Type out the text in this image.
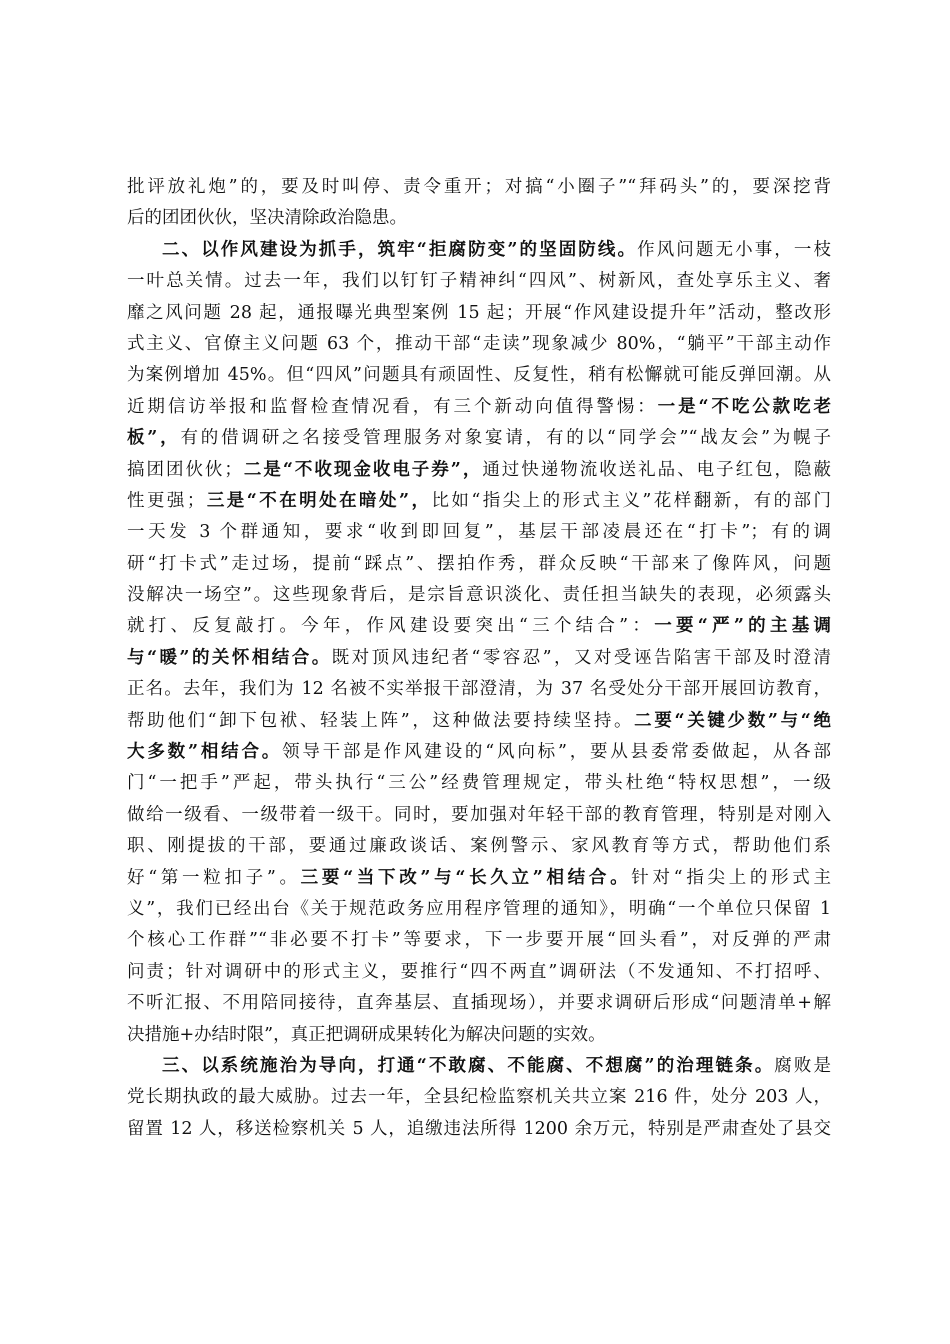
批评放礼炮”的，要及时叫停、责令重开；对搞“小圈子”“拜码头”的，要深挖背
后的团团伙伙，坚决清除政治隐患。
二、以作风建设为抓手，筑牢“拒腐防变”的坚固防线。作风问题无小事，一枝
一叶总关情。过去一年，我们以钉钉子精神纠“四风”、树新风，查处享乐主义、奢
靡之风问题 28 起，通报曝光典型案例 15 起；开展“作风建设提升年”活动，整改形
式主义、官僚主义问题 63 个，推动干部“走读”现象减少 80%，“躺平”干部主动作
为案例增加 45%。但“四风”问题具有顽固性、反复性，稍有松懈就可能反弹回潮。从
近期信访举报和监督检查情况看，有三个新动向值得警惕：一是“不吃公款吃老
板”，有的借调研之名接受管理服务对象宴请，有的以“同学会”“战友会”为幌子
搞团团伙伙；二是“不收现金收电子券”，通过快递物流收送礼品、电子红包，隐蔽
性更强；三是“不在明处在暗处”，比如“指尖上的形式主义”花样翻新，有的部门
一天发 3 个群通知，要求“收到即回复”，基层干部凌晨还在“打卡”；有的调
研“打卡式”走过场，提前“踩点”、摆拍作秀，群众反映“干部来了像阵风，问题
没解决一场空”。这些现象背后，是宗旨意识淡化、责任担当缺失的表现，必须露头
就打、反复敲打。今年，作风建设要突出“三个结合”：一要“严”的主基调
与“暖”的关怀相结合。既对顶风违纪者“零容忍”，又对受诬告陷害干部及时澄清
正名。去年，我们为 12 名被不实举报干部澄清，为 37 名受处分干部开展回访教育，
帮助他们“卸下包袱、轻装上阵”，这种做法要持续坚持。二要“关键少数”与“绝
大多数”相结合。领导干部是作风建设的“风向标”，要从县委常委做起，从各部
门“一把手”严起，带头执行“三公”经费管理规定，带头杜绝“特权思想”，一级
做给一级看、一级带着一级干。同时，要加强对年轻干部的教育管理，特别是对刚入
职、刚提拔的干部，要通过廉政谈话、案例警示、家风教育等方式，帮助他们系
好“第一粒扣子”。三要“当下改”与“长久立”相结合。针对“指尖上的形式主
义”，我们已经出台《关于规范政务应用程序管理的通知》，明确“一个单位只保留 1
个核心工作群”“非必要不打卡”等要求，下一步要开展“回头看”，对反弹的严肃
问责；针对调研中的形式主义，要推行“四不两直”调研法（不发通知、不打招呼、
不听汇报、不用陪同接待，直奔基层、直插现场），并要求调研后形成“问题清单+解
决措施+办结时限”，真正把调研成果转化为解决问题的实效。
三、以系统施治为导向，打通“不敢腐、不能腐、不想腐”的治理链条。腐败是
党长期执政的最大威胁。过去一年，全县纪检监察机关共立案 216 件，处分 203 人，
留置 12 人，移送检察机关 5 人，追缴违法所得 1200 余万元，特别是严肃查处了县交
